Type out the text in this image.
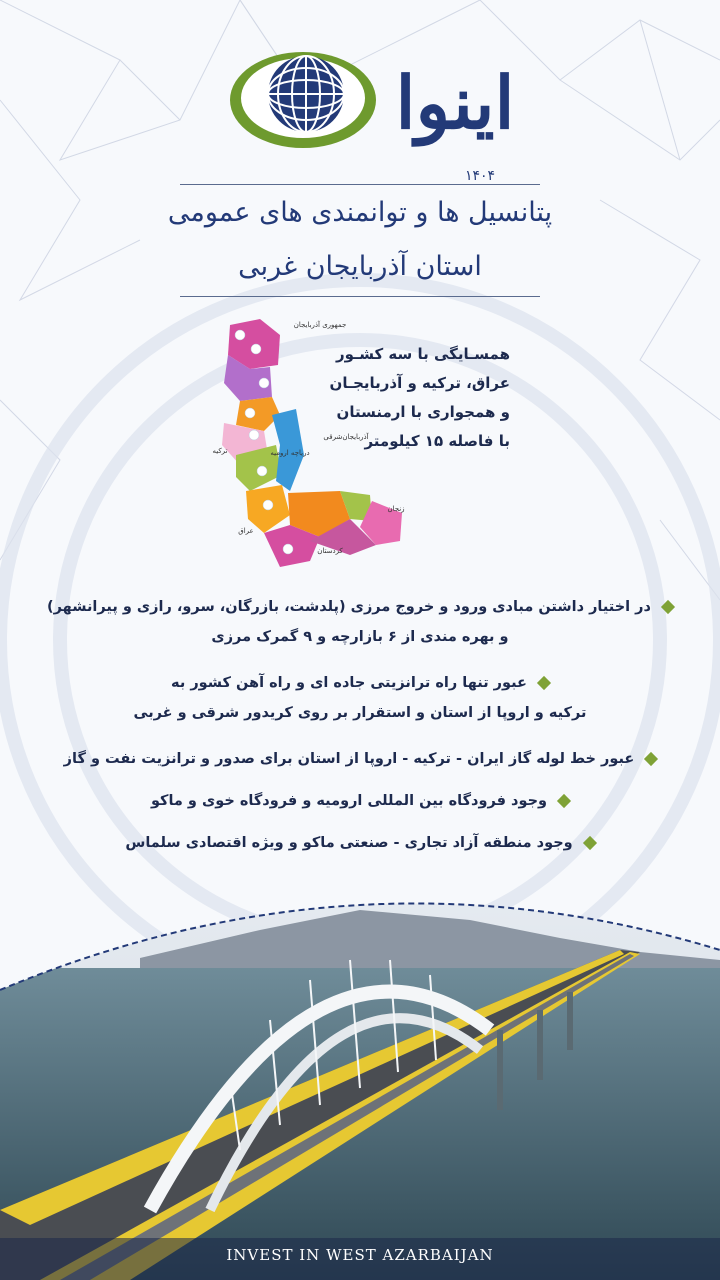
اینوا
۱۴۰۴
پتانسیل ها و توانمندی های عمومی
استان آذربایجان غربی
جمهوری آذربایجان
آذربایجان‌شرقی
ترکیه	دریاچه ارومیه
زنجان
عراق
کردستان
همسـایگی با سه کشـور
عراق، ترکیه و آذربایجـان
و همجواری با ارمنستان
با فاصله ۱۵ کیلومتر
در اختیار داشتن مبادی ورود و خروج مرزی (پلدشت، بازرگان، سرو، رازی و پیرانشهر)
و بهره مندی از ۶ بازارچه و ۹ گمرک مرزی
عبور تنها راه ترانزیتی جاده ای و راه آهن کشور به
ترکیه و اروپا از استان و استقرار بر روی کریدور شرقی و غربی
عبور خط لوله گاز ایران - ترکیه - اروپا از استان برای صدور و ترانزیت نفت و گاز
وجود فرودگاه بین المللی ارومیه و فرودگاه خوی و ماکو
وجود منطقه آزاد تجاری - صنعتی ماکو و ویژه اقتصادی سلماس
INVEST IN WEST AZARBAIJAN
